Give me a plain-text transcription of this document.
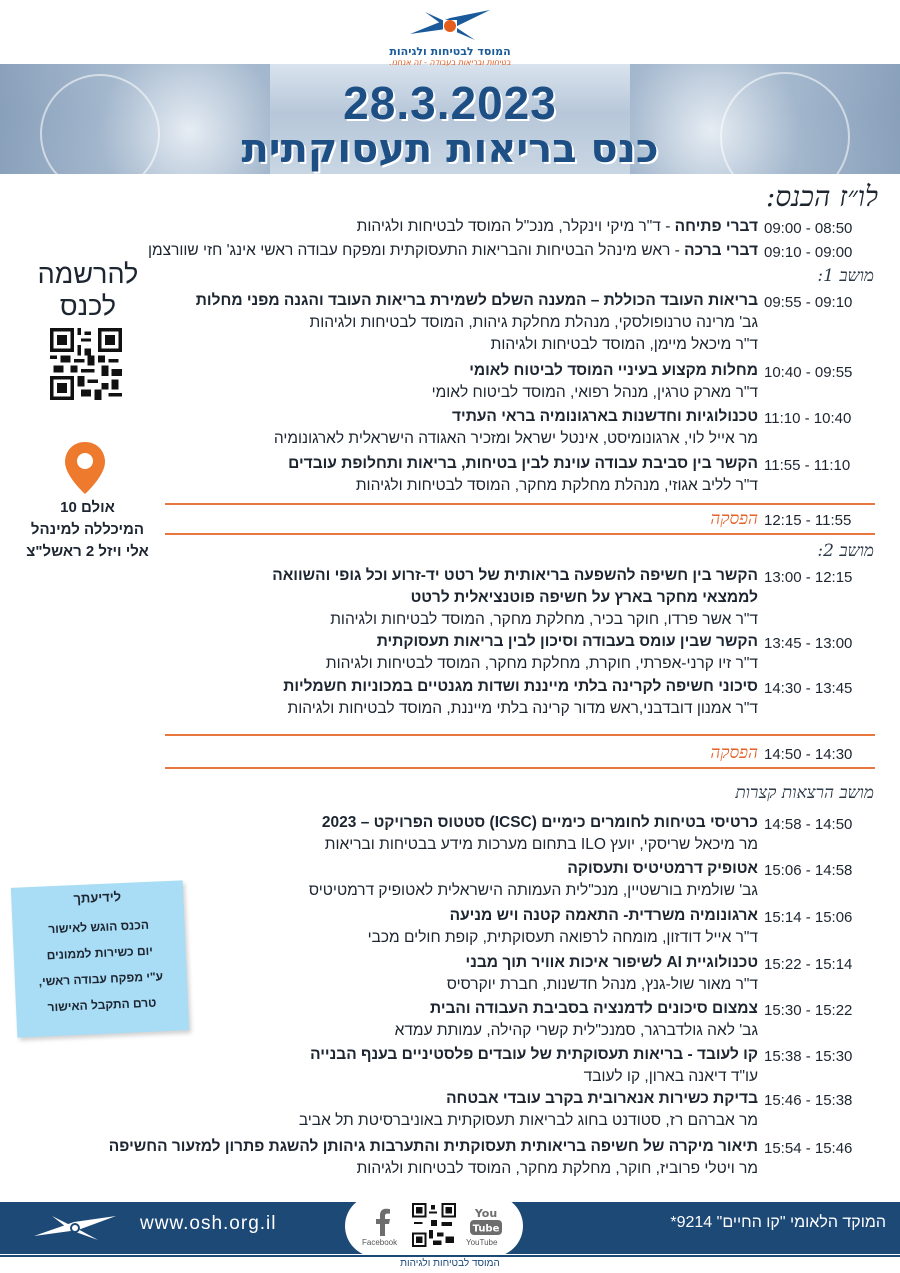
28.3.2023
כנס בריאות תעסוקתית
המוסד לבטיחות ולגיהות
בטיחות ובריאות בעבודה - זה אנחנו.
לו״ז הכנס:
09:00 - 08:50
דברי פתיחה - ד"ר מיקי וינקלר, מנכ"ל המוסד לבטיחות ולגיהות
09:10 - 09:00
דברי ברכה - ראש מינהל הבטיחות והבריאות התעסוקתית ומפקח עבודה ראשי אינג' חזי שוורצמן
מושב 1:
09:55 - 09:10
בריאות העובד הכוללת – המענה השלם לשמירת בריאות העובד והגנה מפני מחלות
גב' מרינה טרנופולסקי, מנהלת מחלקת גיהות, המוסד לבטיחות ולגיהות
ד"ר מיכאל מיימן, המוסד לבטיחות ולגיהות
10:40 - 09:55
מחלות מקצוע בעיניי המוסד לביטוח לאומי
ד"ר מארק טרגין, מנהל רפואי, המוסד לביטוח לאומי
11:10 - 10:40
טכנולוגיות וחדשנות בארגונומיה בראי העתיד
מר אייל לוי, ארגונומיסט, אינטל ישראל ומזכיר האגודה הישראלית לארגונומיה
11:55 - 11:10
הקשר בין סביבת עבודה עוינת לבין בטיחות, בריאות ותחלופת עובדים
ד"ר לליב אגוזי, מנהלת מחלקת מחקר, המוסד לבטיחות ולגיהות
12:15 - 11:55
הפסקה
מושב 2:
13:00 - 12:15
הקשר בין חשיפה להשפעה בריאותית של רטט יד-זרוע וכל גופי והשוואה
לממצאי מחקר בארץ על חשיפה פוטנציאלית לרטט
ד"ר אשר פרדו, חוקר בכיר, מחלקת מחקר, המוסד לבטיחות ולגיהות
13:45 - 13:00
הקשר שבין עומס בעבודה וסיכון לבין בריאות תעסוקתית
ד"ר זיו קרני-אפרתי, חוקרת, מחלקת מחקר, המוסד לבטיחות ולגיהות
14:30 - 13:45
סיכוני חשיפה לקרינה בלתי מייננת ושדות מגנטיים במכוניות חשמליות
ד"ר אמנון דובדבני,ראש מדור קרינה בלתי מייננת, המוסד לבטיחות ולגיהות
14:50 - 14:30
הפסקה
מושב הרצאות קצרות
14:58 - 14:50
כרטיסי בטיחות לחומרים כימיים (ICSC) סטטוס הפרויקט – 2023
מר מיכאל שריסקי, יועץ ILO בתחום מערכות מידע בבטיחות ובריאות
15:06 - 14:58
אטופיק דרמטיטיס ותעסוקה
גב' שולמית בורשטיין, מנכ"לית העמותה הישראלית לאטופיק דרמטיטיס
15:14 - 15:06
ארגונומיה משרדית- התאמה קטנה ויש מניעה
ד"ר אייל דודזון, מומחה לרפואה תעסוקתית, קופת חולים מכבי
15:22 - 15:14
טכנולוגיית AI לשיפור איכות אוויר תוך מבני
ד"ר מאור שול-גנץ, מנהל חדשנות, חברת יוקרסיס
15:30 - 15:22
צמצום סיכונים לדמנציה בסביבת העבודה והבית
גב' לאה גולדברגר, סמנכ"לית קשרי קהילה, עמותת עמדא
15:38 - 15:30
קו לעובד - בריאות תעסוקתית של עובדים פלסטיניים בענף הבנייה
עו"ד דיאנה בארון, קו לעובד
15:46 - 15:38
בדיקת כשירות אנארובית בקרב עובדי אבטחה
מר אברהם רז, סטודנט בחוג לבריאות תעסוקתית באוניברסיטת תל אביב
15:54 - 15:46
תיאור מיקרה של חשיפה בריאותית תעסוקתית והתערבות גיהותן להשגת פתרון למזעור החשיפה
מר ויטלי פרוביז, חוקר, מחלקת מחקר, המוסד לבטיחות ולגיהות
להרשמה
לכנס
אולם 10
המיכללה למינהל
אלי ויזל 2 ראשל"צ
לידיעתך
הכנס הוגש לאישור
יום כשירות לממונים
ע"י מפקח עבודה ראשי,
טרם התקבל האישור
www.osh.org.il	המוקד הלאומי "קו החיים" 9214*
Facebook
You
Tube
YouTube
המוסד לבטיחות ולגיהות
